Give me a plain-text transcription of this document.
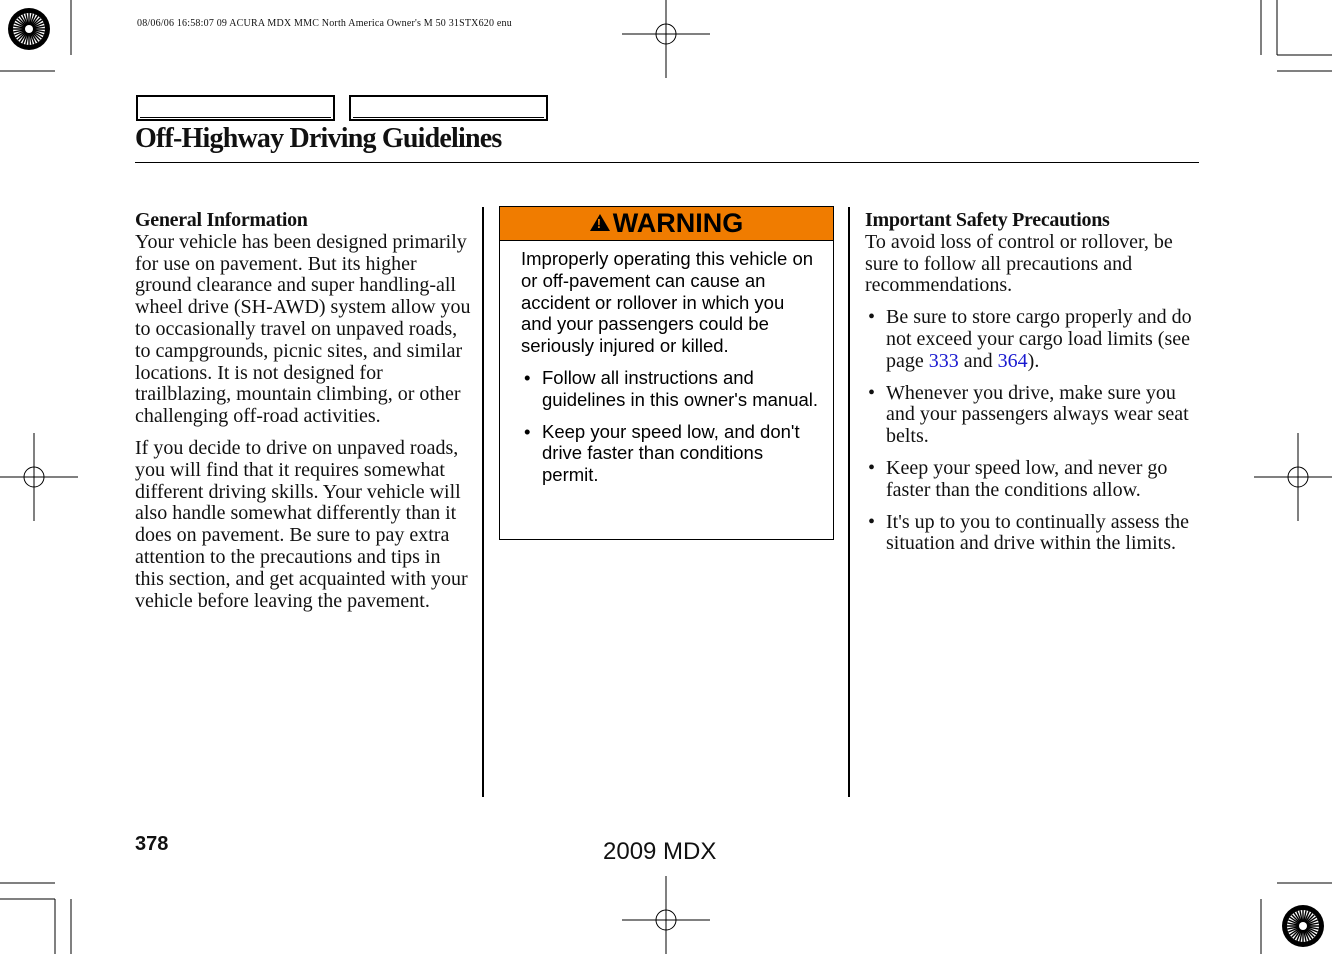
08/06/06 16:58:07 09 ACURA MDX MMC North America Owner's M 50 31STX620 enu
Off-Highway Driving Guidelines
General Information

Your vehicle has been designed primarily for use on pavement. But its higher ground clearance and super handling-all wheel drive (SH-AWD) system allow you to occasionally travel on unpaved roads, to campgrounds, picnic sites, and similar locations. It is not designed for trailblazing, mountain climbing, or other challenging off-road activities.

If you decide to drive on unpaved roads, you will find that it requires somewhat different driving skills. Your vehicle will also handle somewhat differently than it does on pavement. Be sure to pay extra attention to the precautions and tips in this section, and get acquainted with your vehicle before leaving the pavement.

!
WARNING

Improperly operating this vehicle on or off-pavement can cause an accident or rollover in which you and your passengers could be seriously injured or killed.

• Follow all instructions and guidelines in this owner's manual.
• Keep your speed low, and don't drive faster than conditions permit.
Important Safety Precautions

To avoid loss of control or rollover, be sure to follow all precautions and recommendations.

• Be sure to store cargo properly and do not exceed your cargo load limits (see page 333 and 364).
• Whenever you drive, make sure you and your passengers always wear seat belts.
• Keep your speed low, and never go faster than the conditions allow.
• It's up to you to continually assess the situation and drive within the limits.
378	2009 MDX
